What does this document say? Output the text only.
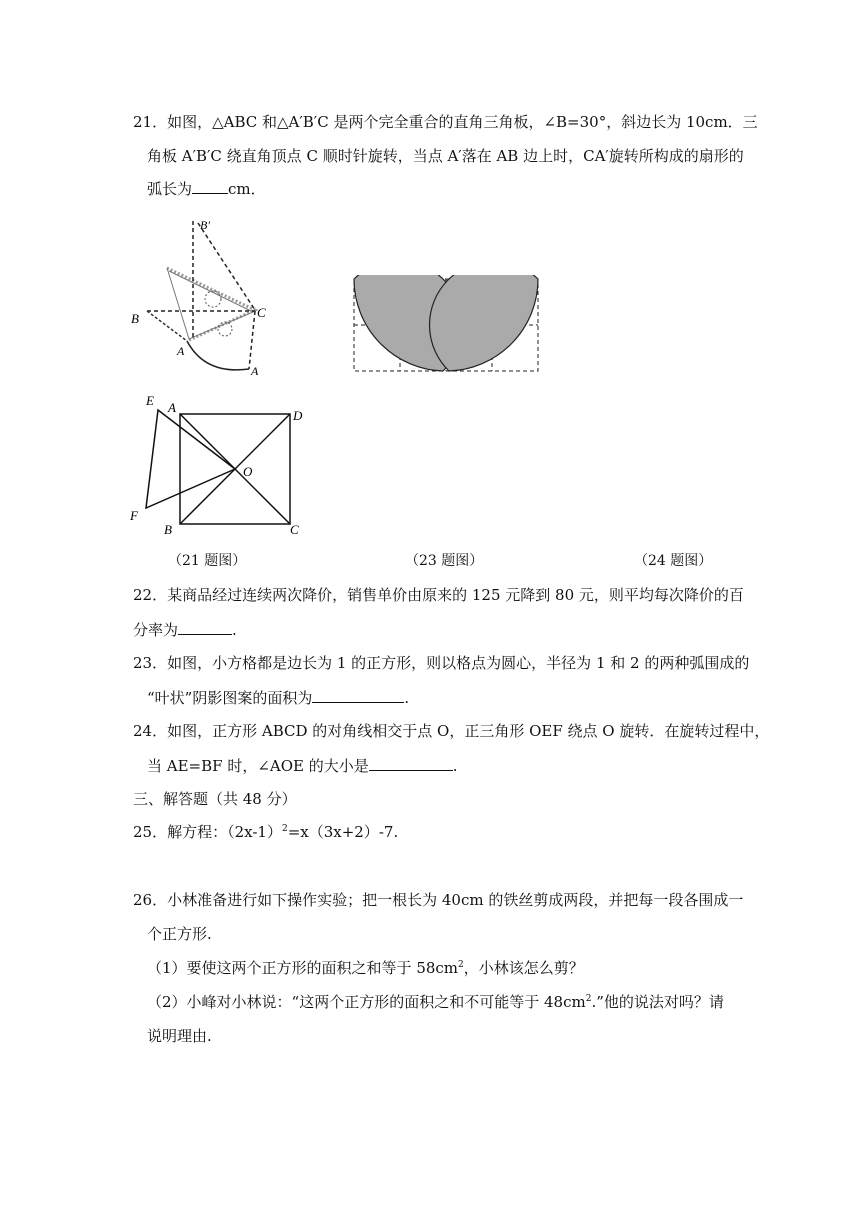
21．如图，△ABC 和△A′B′C 是两个完全重合的直角三角板，∠B=30°，斜边长为 10cm．三
角板 A′B′C 绕直角顶点 C 顺时针旋转，当点 A′落在 AB 边上时，CA′旋转所构成的扇形的
弧长为 cm．
B′
B	C
A
A
E A
D
O
F
B	C
（21 题图）	（23 题图）	（24 题图）
22．某商品经过连续两次降价，销售单价由原来的 125 元降到 80 元，则平均每次降价的百
分率为	.
23．如图，小方格都是边长为 1 的正方形，则以格点为圆心，半径为 1 和 2 的两种弧围成的
“叶状”阴影图案的面积为	.
24．如图，正方形 ABCD 的对角线相交于点 O，正三角形 OEF 绕点 O 旋转．在旋转过程中，
当 AE=BF 时，∠AOE 的大小是	.
三、解答题（共 48 分）
25．解方程：$(2x-1)^2=x(3x+2)-7$.
26．小林准备进行如下操作实验；把一根长为 40cm 的铁丝剪成两段，并把每一段各围成一
个正方形.
（1）要使这两个正方形的面积之和等于 $58cm^2$，小林该怎么剪？
（2）小峰对小林说：“这两个正方形的面积之和不可能等于 $48cm^2$.”他的说法对吗？请
说明理由.
